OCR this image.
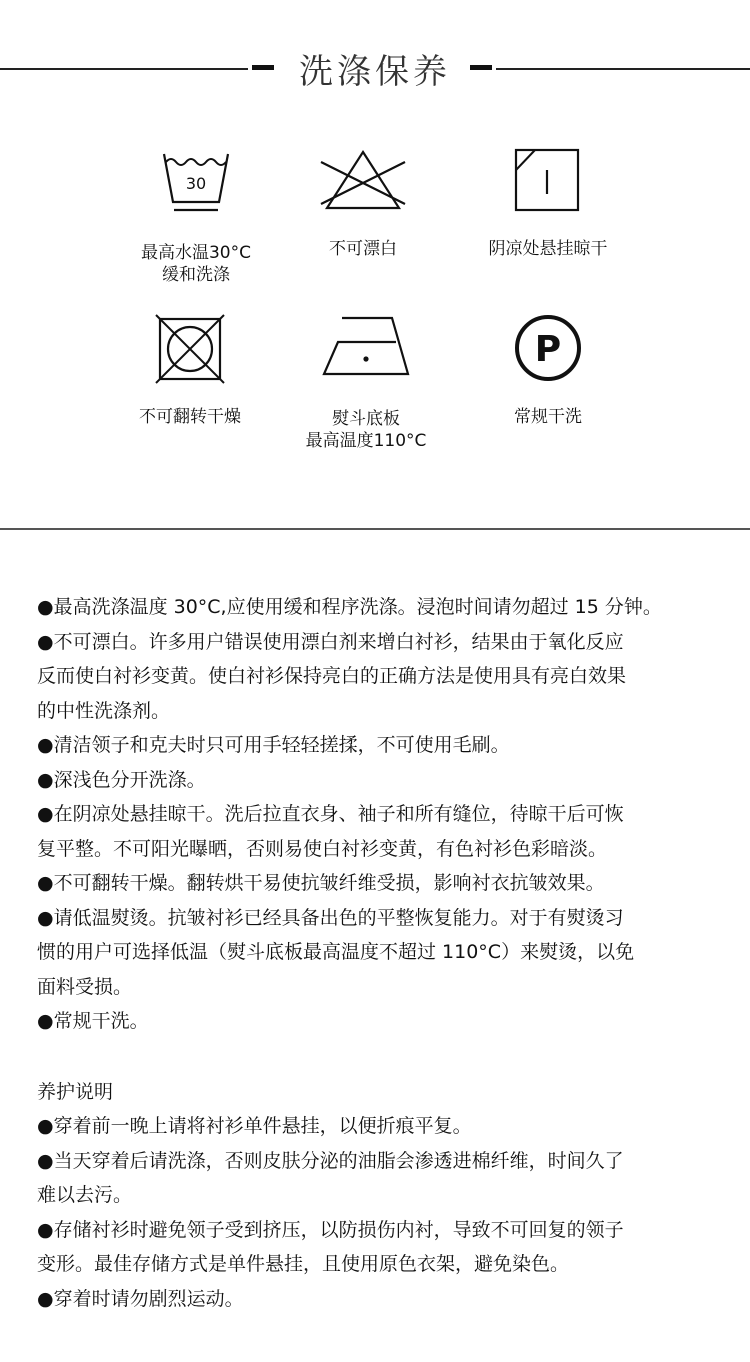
洗涤保养
30
最高水温30°C
缓和洗涤
不可漂白	阴凉处悬挂晾干
不可翻转干燥	熨斗底板
最高温度110°C
P
常规干洗

●最高洗涤温度 30°C,应使用缓和程序洗涤。浸泡时间请勿超过 15 分钟。

●不可漂白。许多用户错误使用漂白剂来增白衬衫，结果由于氧化反应

反而使白衬衫变黄。使白衬衫保持亮白的正确方法是使用具有亮白效果

的中性洗涤剂。

●清洁领子和克夫时只可用手轻轻搓揉，不可使用毛刷。

●深浅色分开洗涤。

●在阴凉处悬挂晾干。洗后拉直衣身、袖子和所有缝位，待晾干后可恢

复平整。不可阳光曝晒，否则易使白衬衫变黄，有色衬衫色彩暗淡。

●不可翻转干燥。翻转烘干易使抗皱纤维受损，影响衬衣抗皱效果。

●请低温熨烫。抗皱衬衫已经具备出色的平整恢复能力。对于有熨烫习

惯的用户可选择低温（熨斗底板最高温度不超过 110°C）来熨烫，以免

面料受损。

●常规干洗。

养护说明

●穿着前一晚上请将衬衫单件悬挂，以便折痕平复。

●当天穿着后请洗涤，否则皮肤分泌的油脂会渗透进棉纤维，时间久了

难以去污。

●存储衬衫时避免领子受到挤压，以防损伤内衬，导致不可回复的领子

变形。最佳存储方式是单件悬挂，且使用原色衣架，避免染色。

●穿着时请勿剧烈运动。
